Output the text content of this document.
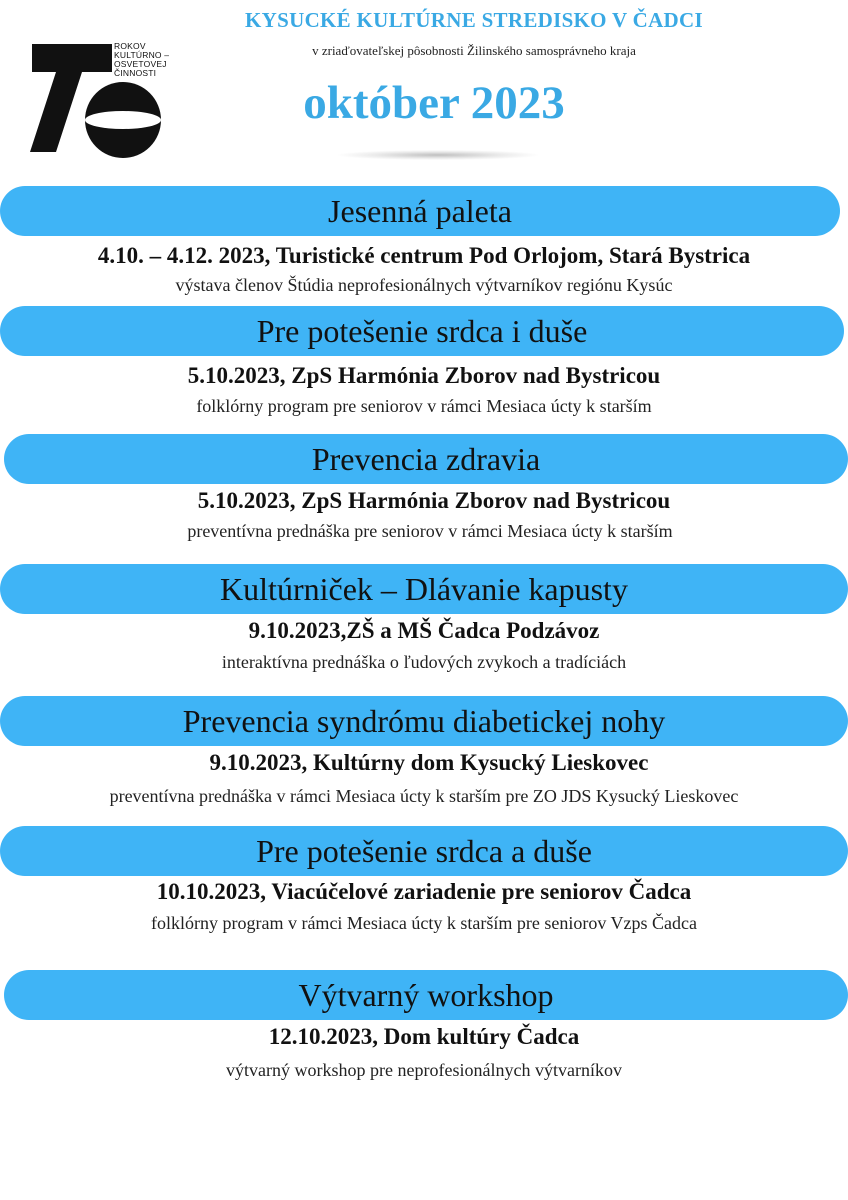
ROKOV
KULTÚRNO –
OSVETOVEJ
ČINNOSTI
KYSUCKÉ KULTÚRNE STREDISKO V ČADCI
v zriaďovateľskej pôsobnosti Žilinského samosprávneho kraja
október 2023
Jesenná paleta
4.10. – 4.12. 2023, Turistické centrum Pod Orlojom, Stará Bystrica
výstava členov Štúdia neprofesionálnych výtvarníkov regiónu Kysúc
Pre potešenie srdca i duše
5.10.2023, ZpS Harmónia Zborov nad Bystricou
folklórny program pre seniorov v rámci Mesiaca úcty k starším
Prevencia zdravia
5.10.2023, ZpS Harmónia Zborov nad Bystricou
preventívna prednáška pre seniorov v rámci Mesiaca úcty k starším
Kultúrniček – Dlávanie kapusty
9.10.2023,ZŠ a MŠ Čadca Podzávoz
interaktívna prednáška o ľudových zvykoch a tradíciách
Prevencia syndrómu diabetickej nohy
9.10.2023, Kultúrny dom Kysucký Lieskovec
preventívna prednáška v rámci Mesiaca úcty k starším pre ZO JDS Kysucký Lieskovec
Pre potešenie srdca a duše
10.10.2023, Viacúčelové zariadenie pre seniorov Čadca
folklórny program v rámci Mesiaca úcty k starším pre seniorov Vzps Čadca
Výtvarný workshop
12.10.2023, Dom kultúry Čadca
výtvarný workshop pre neprofesionálnych výtvarníkov
